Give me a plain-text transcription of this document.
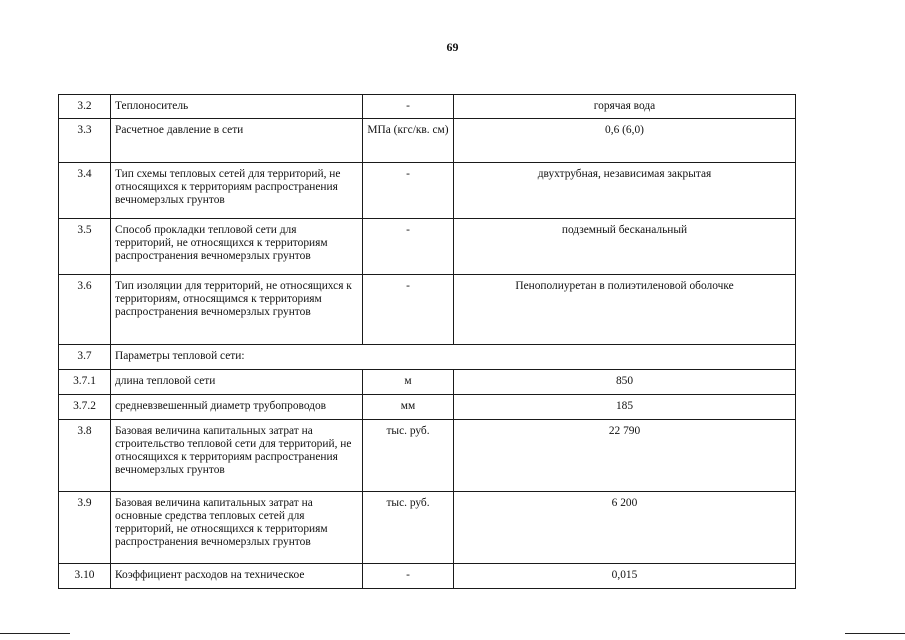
69
3.2	Теплоноситель	-	горячая вода
3.3	Расчетное давление в сети	МПа (кгс/кв. см)	0,6 (6,0)
3.4	Тип схемы тепловых сетей для территорий, не относящихся к территориям распространения вечномерзлых грунтов	-	двухтрубная, независимая закрытая
3.5	Способ прокладки тепловой сети для территорий, не относящихся к территориям распространения вечномерзлых грунтов	-	подземный бесканальный
3.6	Тип изоляции для территорий, не относящихся к территориям, относящимся к территориям распространения вечномерзлых грунтов	-	Пенополиуретан в полиэтиленовой оболочке
3.7	Параметры тепловой сети:		
3.7.1	длина тепловой сети	м	850
3.7.2	средневзвешенный диаметр трубопроводов	мм	185
3.8	Базовая величина капитальных затрат на строительство тепловой сети для территорий, не относящихся к территориям распространения вечномерзлых грунтов	тыс. руб.	22 790
3.9	Базовая величина капитальных затрат на основные средства тепловых сетей для территорий, не относящихся к территориям распространения вечномерзлых грунтов	тыс. руб.	6 200
3.10	Коэффициент расходов на техническое	-	0,015
